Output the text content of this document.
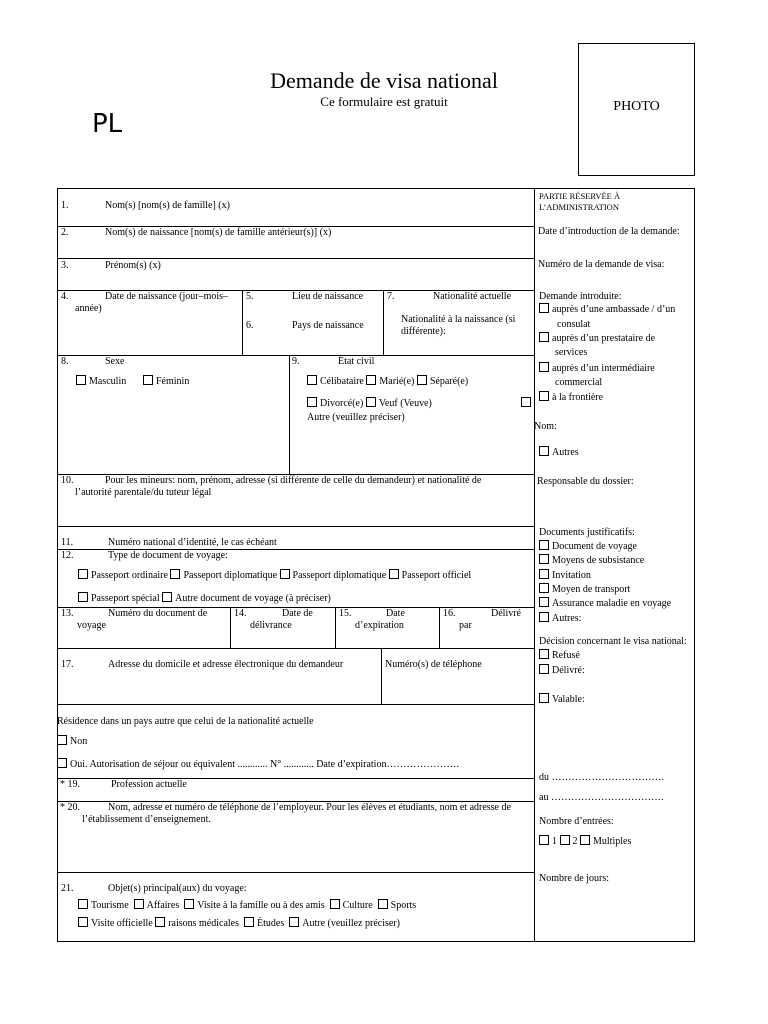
Demande de visa national
Ce formulaire est gratuit
PL
PHOTO
1.	Nom(s) [nom(s) de famille] (x)
2.	Nom(s) de naissance [nom(s) de famille antérieur(s)] (x)
3.	Prénom(s) (x)
4.	Date de naissance (jour–mois–
année)
5.	Lieu de naissance
6.	Pays de naissance
7.	Nationalité actuelle
Nationalité à la naissance (si différente):
8.	Sexe
Masculin	Féminin
9.	État civil
Célibataire Marié(e) Séparé(e)
Divorcé(e) Veuf (Veuve)
Autre (veuillez préciser)
10.	Pour les mineurs: nom, prénom, adresse (si différente de celle du demandeur) et nationalité de
l’autorité parentale/du tuteur légal
11.	Numéro national d’identité, le cas échéant
12.	Type de document de voyage:
Passeport ordinaire Passeport diplomatique Passeport diplomatique Passeport officiel
Passeport spécial Autre document de voyage (à préciser)
13.	Numéro du document de
voyage
14.	Date de
délivrance
15.	Date
d’expiration
16.	Délivré
par
17.	Adresse du domicile et adresse électronique du demandeur	Numéro(s) de téléphone
Résidence dans un pays autre que celui de la nationalité actuelle
Non
Oui. Autorisation de séjour ou équivalent ............ N° ............ Date d’expiration………………….
* 19.	Profession actuelle
* 20.	Nom, adresse et numéro de téléphone de l’employeur. Pour les élèves et étudiants, nom et adresse de
l’établissement d’enseignement.
21.	Objet(s) principal(aux) du voyage:
Tourisme Affaires Visite à la famille ou à des amis Culture Sports
Visite officielle raisons médicales Études Autre (veuillez préciser)
PARTIE RÉSERVÉE À
L’ADMINISTRATION
Date d’introduction de la demande:
Numéro de la demande de visa:
Demande introduite:
auprès d’une ambassade / d’un
consulat
auprès d’un prestataire de
services
auprès d’un intermédiaire
commercial
à la frontière
Nom:
Autres
Responsable du dossier:
Documents justificatifs:
Document de voyage
Moyens de subsistance
Invitation
Moyen de transport
Assurance maladie en voyage
Autres:
Décision concernant le visa national:
Refusé
Délivré:
Valable:
du …………………………….
au …………………………….
Nombre d’entrées:
1 2 Multiples
Nombre de jours:
